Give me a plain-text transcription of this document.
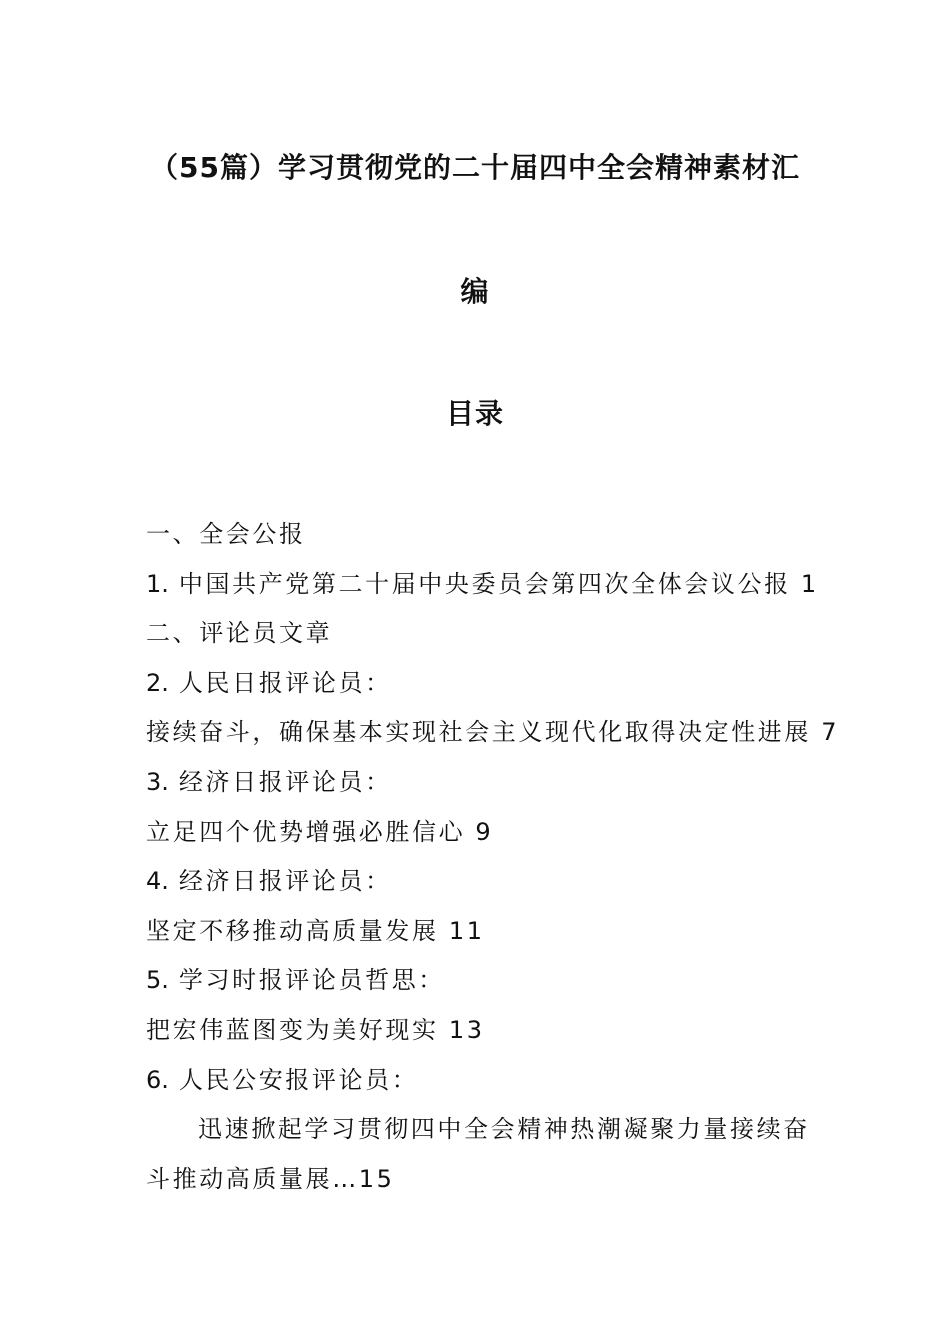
（55篇）学习贯彻党的二十届四中全会精神素材汇
编
目录
一、全会公报
1. 中国共产党第二十届中央委员会第四次全体会议公报 1
二、评论员文章
2. 人民日报评论员：
接续奋斗，确保基本实现社会主义现代化取得决定性进展 7
3. 经济日报评论员：
立足四个优势增强必胜信心 9
4. 经济日报评论员：
坚定不移推动高质量发展 11
5. 学习时报评论员哲思：
把宏伟蓝图变为美好现实 13
6. 人民公安报评论员：
迅速掀起学习贯彻四中全会精神热潮凝聚力量接续奋
斗推动高质量展…15
